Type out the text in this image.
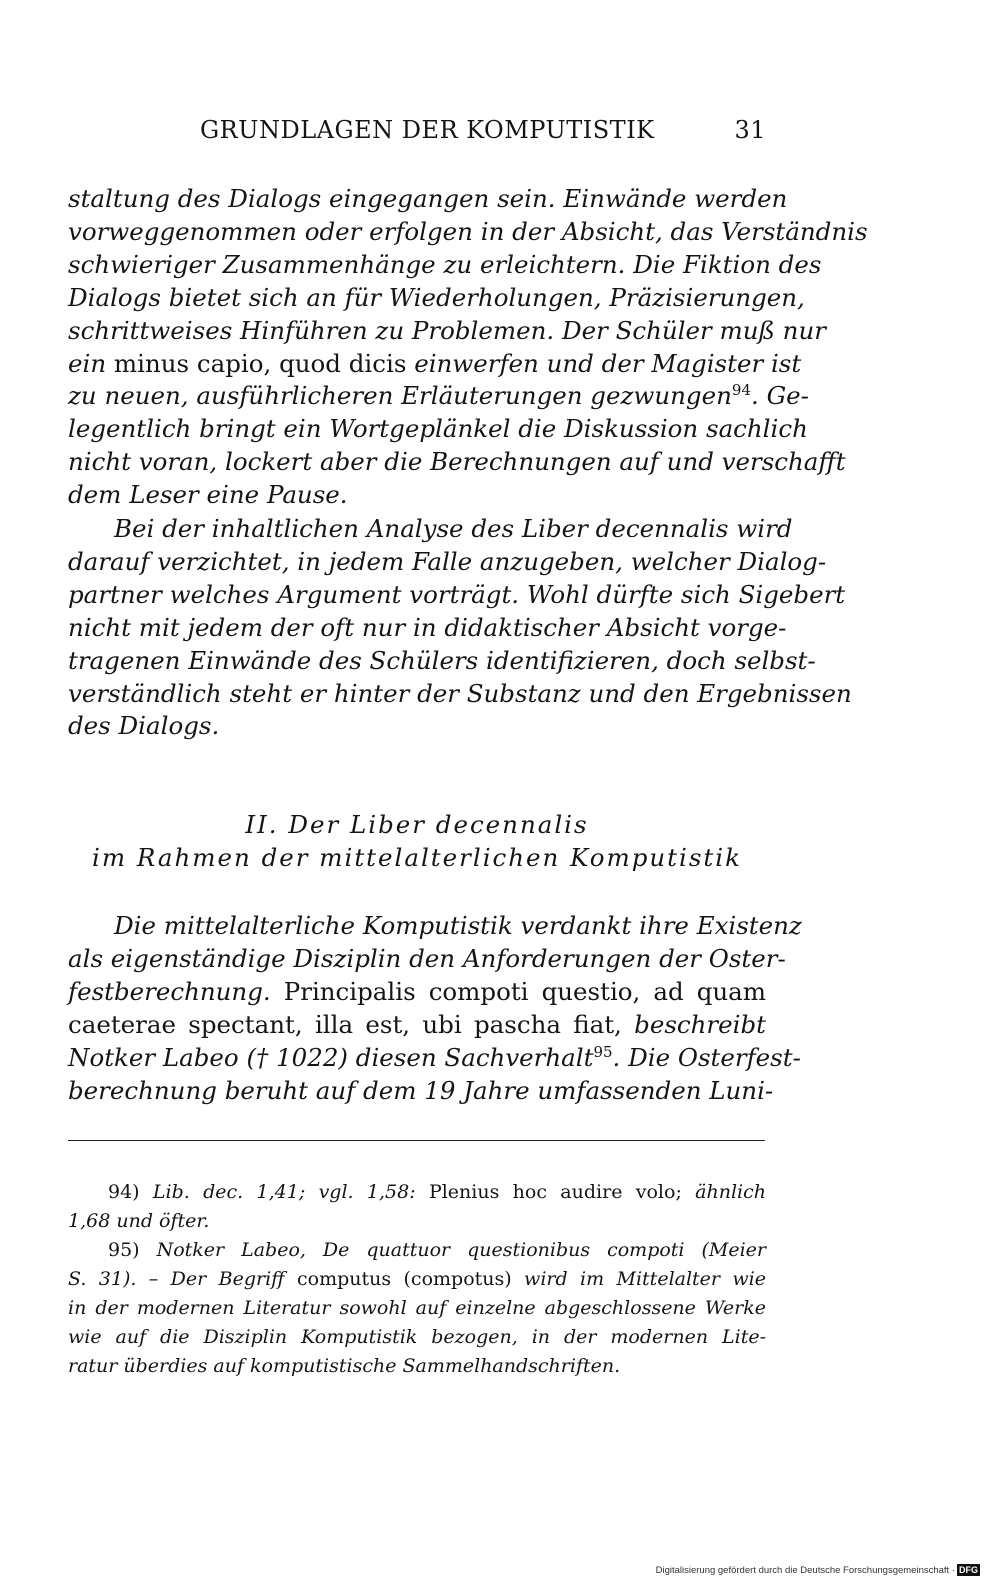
GRUNDLAGEN DER KOMPUTISTIK	31
staltung des Dialogs eingegangen sein. Einwände werden
vorweggenommen oder erfolgen in der Absicht, das Verständnis
schwieriger Zusammenhänge zu erleichtern. Die Fiktion des
Dialogs bietet sich an für Wiederholungen, Präzisierungen,
schrittweises Hinführen zu Problemen. Der Schüler muß nur
ein minus capio, quod dicis einwerfen und der Magister ist
zu neuen, ausführlicheren Erläuterungen gezwungen$^{94}$. Ge-
legentlich bringt ein Wortgeplänkel die Diskussion sachlich
nicht voran, lockert aber die Berechnungen auf und verschafft
dem Leser eine Pause.
Bei der inhaltlichen Analyse des Liber decennalis wird
darauf verzichtet, in jedem Falle anzugeben, welcher Dialog-
partner welches Argument vorträgt. Wohl dürfte sich Sigebert
nicht mit jedem der oft nur in didaktischer Absicht vorge-
tragenen Einwände des Schülers identifizieren, doch selbst-
verständlich steht er hinter der Substanz und den Ergebnissen
des Dialogs.
II. Der Liber decennalis
im Rahmen der mittelalterlichen Komputistik
Die mittelalterliche Komputistik verdankt ihre Existenz
als eigenständige Disziplin den Anforderungen der Oster-
festberechnung. Principalis compoti questio, ad quam
caeterae spectant, illa est, ubi pascha fiat, beschreibt
Notker Labeo († 1022) diesen Sachverhalt$^{95}$. Die Osterfest-
berechnung beruht auf dem 19 Jahre umfassenden Luni-
94) Lib. dec. 1,41; vgl. 1,58: Plenius hoc audire volo; ähnlich
1,68 und öfter.
95) Notker Labeo, De quattuor questionibus compoti (Meier
S. 31). – Der Begriff computus (compotus) wird im Mittelalter wie
in der modernen Literatur sowohl auf einzelne abgeschlossene Werke
wie auf die Disziplin Komputistik bezogen, in der modernen Lite-
ratur überdies auf komputistische Sammelhandschriften.
Digitalisierung gefördert durch die Deutsche Forschungsgemeinschaft · DFG
